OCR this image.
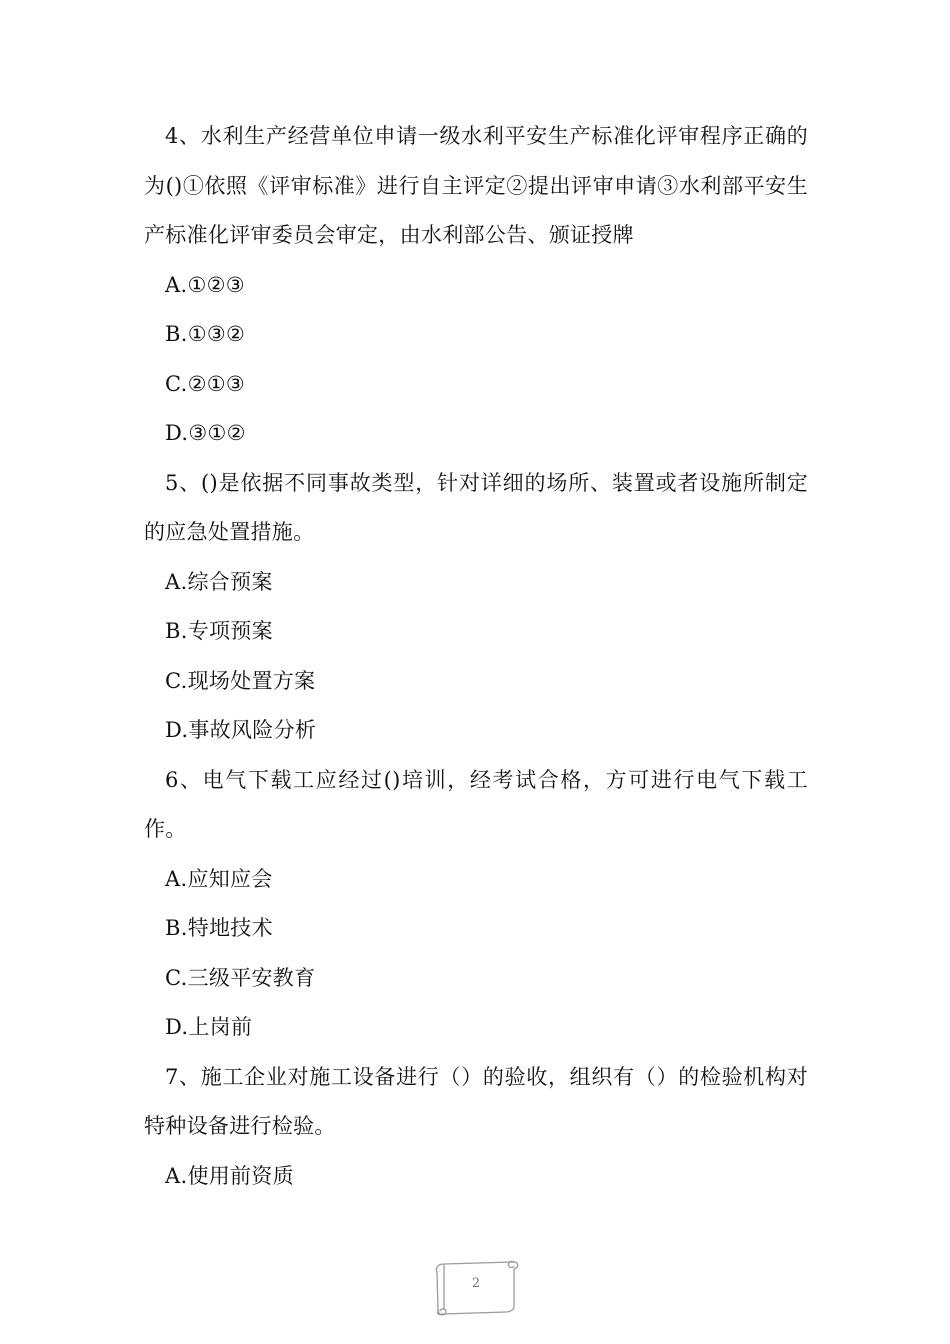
4、水利生产经营单位申请一级水利平安生产标准化评审程序正确的为()①依照《评审标准》进行自主评定②提出评审申请③水利部平安生产标准化评审委员会审定，由水利部公告、颁证授牌

A.①②③

B.①③②

C.②①③

D.③①②

5、()是依据不同事故类型，针对详细的场所、装置或者设施所制定的应急处置措施。

A.综合预案

B.专项预案

C.现场处置方案

D.事故风险分析

6、电气下载工应经过()培训，经考试合格，方可进行电气下载工作。

A.应知应会

B.特地技术

C.三级平安教育

D.上岗前

7、施工企业对施工设备进行（）的验收，组织有（）的检验机构对特种设备进行检验。

A.使用前资质

2
